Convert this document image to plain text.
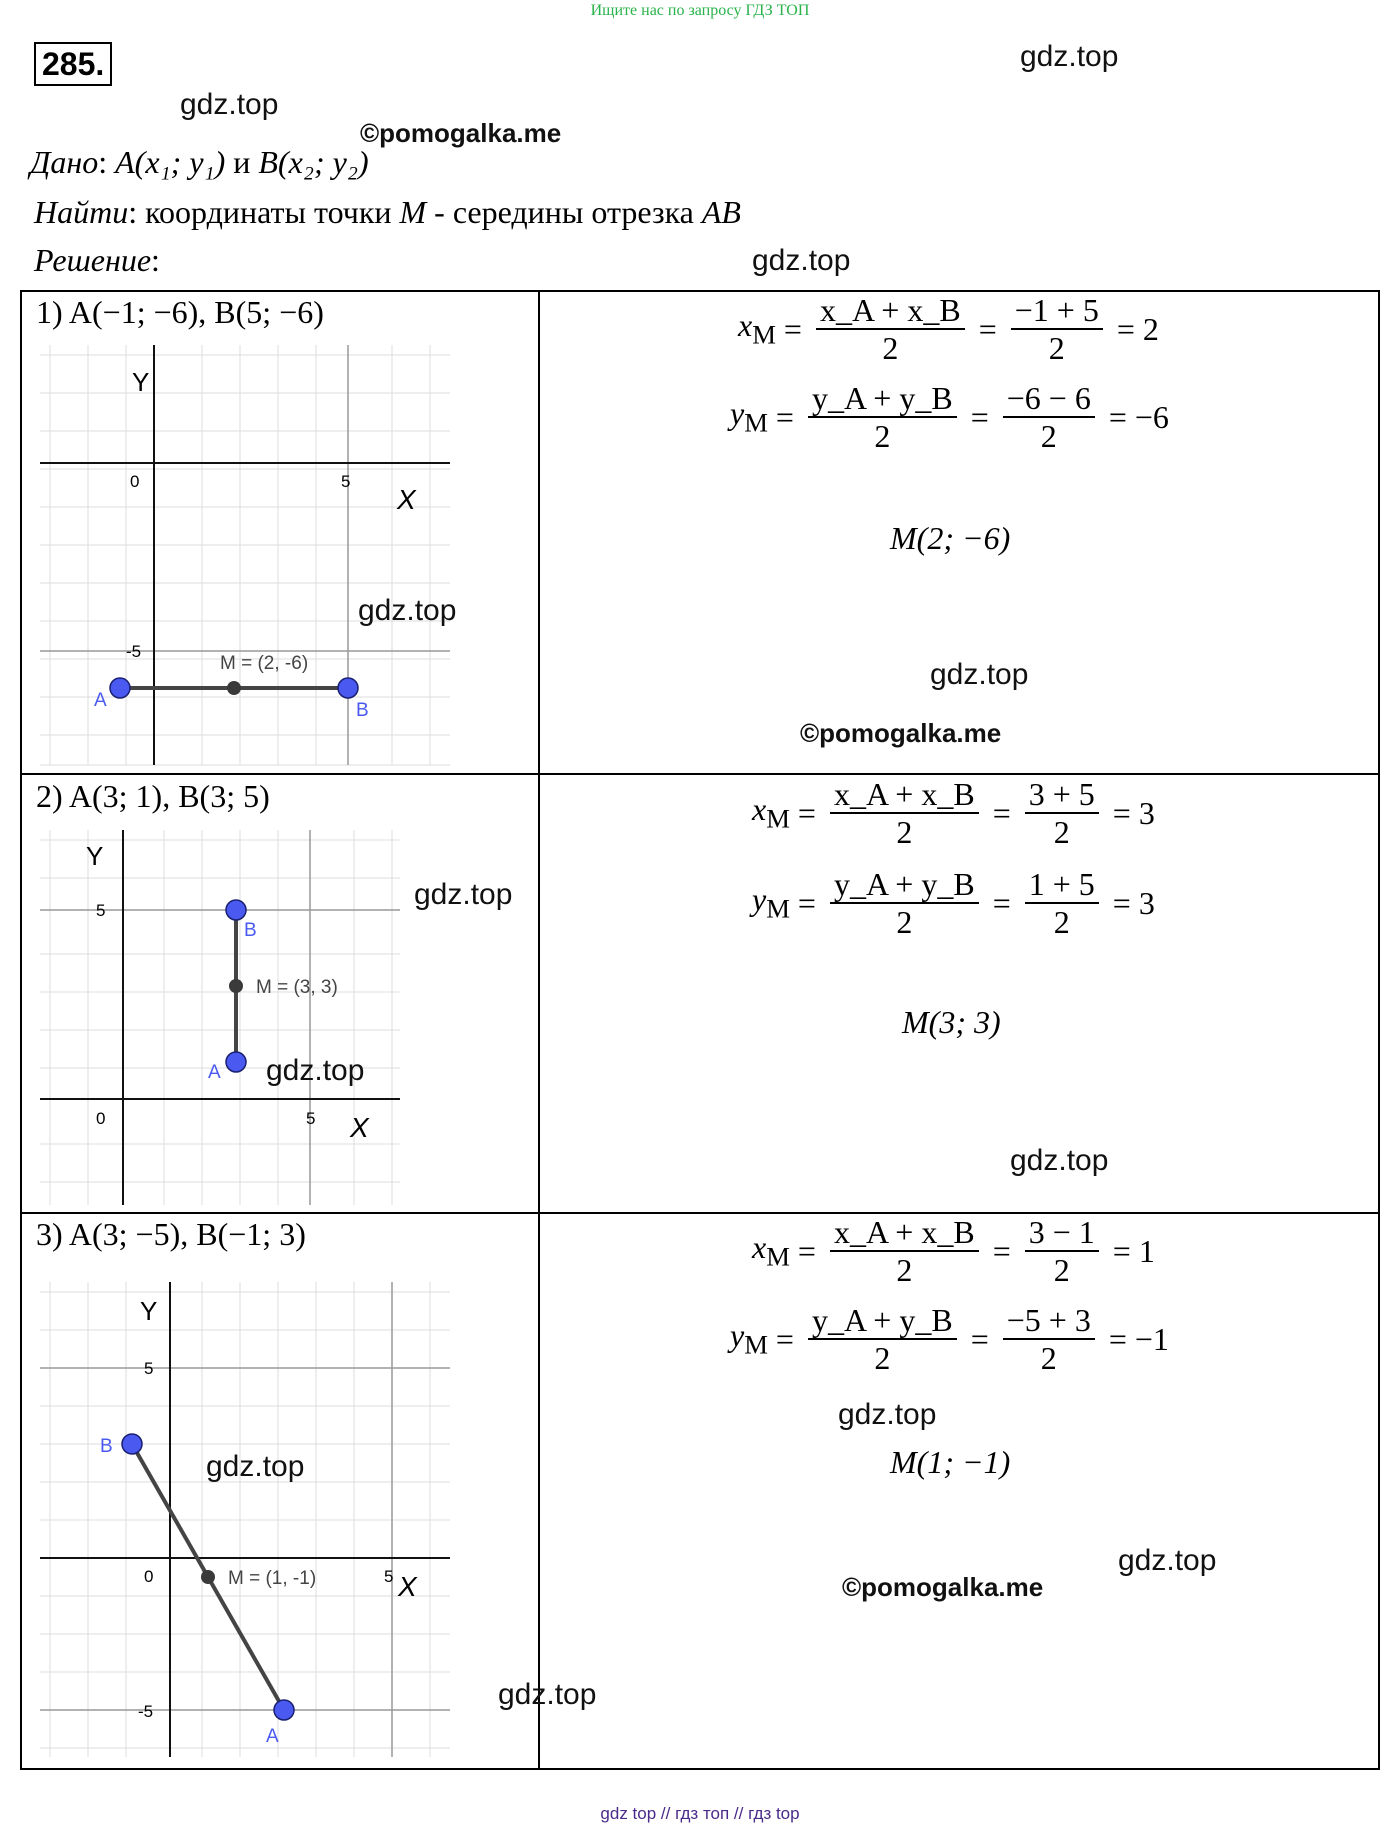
Ищите нас по запросу ГДЗ ТОП
285.	gdz.top
gdz.top
©pomogalka.me
Дано: A(x₁; y₁) и B(x₂; y₂)
Найти: координаты точки M - середины отрезка AB
Решение:	gdz.top
1) A(−1; −6), B(5; −6)
Y
X
0	5
-5
A	B
M = (2, -6)
gdz.top
$x_M = \frac{x\_A + x\_B}{2} = \frac{-1 + 5}{2} = 2$
$y_M = \frac{y\_A + y\_B}{2} = \frac{-6 - 6}{2} = -6$
M(2; −6)
gdz.top
©pomogalka.me
2) A(3; 1), B(3; 5)
Y
X
0	5
5
B
A
M = (3, 3)
gdz.top
gdz.top
$x_M = \frac{x\_A + x\_B}{2} = \frac{3 + 5}{2} = 3$
$y_M = \frac{y\_A + y\_B}{2} = \frac{1 + 5}{2} = 3$
M(3; 3)
gdz.top
3) A(3; −5), B(−1; 3)
Y
X
0	5
5
-5
B
A
M = (1, -1)
gdz.top
gdz.top
$x_M = \frac{x\_A + x\_B}{2} = \frac{3 - 1}{2} = 1$
$y_M = \frac{y\_A + y\_B}{2} = \frac{-5 + 3}{2} = -1$
gdz.top
M(1; −1)
gdz.top
©pomogalka.me
gdz top // гдз топ // гдз top
